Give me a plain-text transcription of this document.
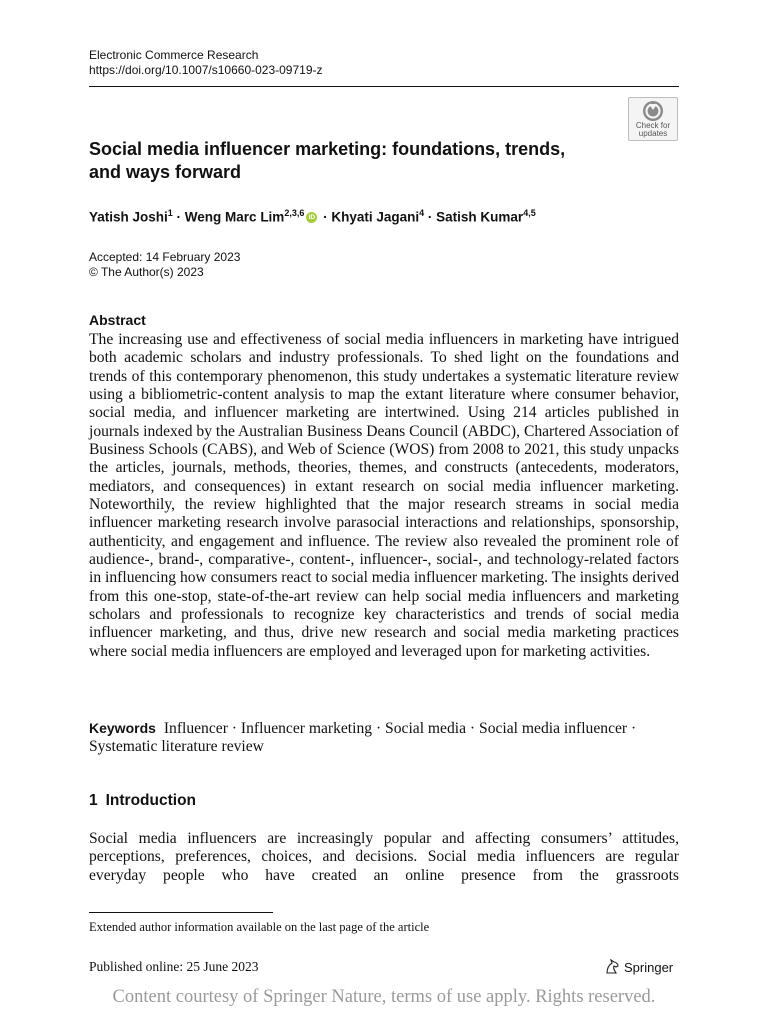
Electronic Commerce Research
https://doi.org/10.1007/s10660-023-09719-z
Check for
updates
Social media influencer marketing: foundations, trends,
and ways forward
Yatish Joshi$^1$ · Weng Marc Lim$^{2,3,6}$ iD · Khyati Jagani$^4$ · Satish Kumar$^{4,5}$
Accepted: 14 February 2023
© The Author(s) 2023
Abstract
The increasing use and effectiveness of social media influencers in marketing have intrigued both academic scholars and industry professionals. To shed light on the foundations and trends of this contemporary phenomenon, this study undertakes a systematic literature review using a bibliometric-content analysis to map the extant literature where consumer behavior, social media, and influencer marketing are intertwined. Using 214 articles published in journals indexed by the Australian Business Deans Council (ABDC), Chartered Association of Business Schools (CABS), and Web of Science (WOS) from 2008 to 2021, this study unpacks the articles, journals, methods, theories, themes, and constructs (antecedents, moderators, mediators, and consequences) in extant research on social media influencer marketing. Noteworthily, the review highlighted that the major research streams in social media influencer marketing research involve parasocial interactions and relationships, sponsorship, authenticity, and engagement and influence. The review also revealed the prominent role of audience-, brand-, comparative-, content-, influencer-, social-, and technology-related factors in influencing how consumers react to social media influencer marketing. The insights derived from this one-stop, state-of-the-art review can help social media influencers and marketing scholars and professionals to recognize key characteristics and trends of social media influencer marketing, and thus, drive new research and social media marketing practices where social media influencers are employed and leveraged upon for marketing activities.
Keywords Influencer · Influencer marketing · Social media · Social media influencer · Systematic literature review
1 Introduction
Social media influencers are increasingly popular and affecting consumers’ attitudes, perceptions, preferences, choices, and decisions. Social media influencers are regular everyday people who have created an online presence from the grassroots
Extended author information available on the last page of the article
Published online: 25 June 2023	Springer
Content courtesy of Springer Nature, terms of use apply. Rights reserved.
